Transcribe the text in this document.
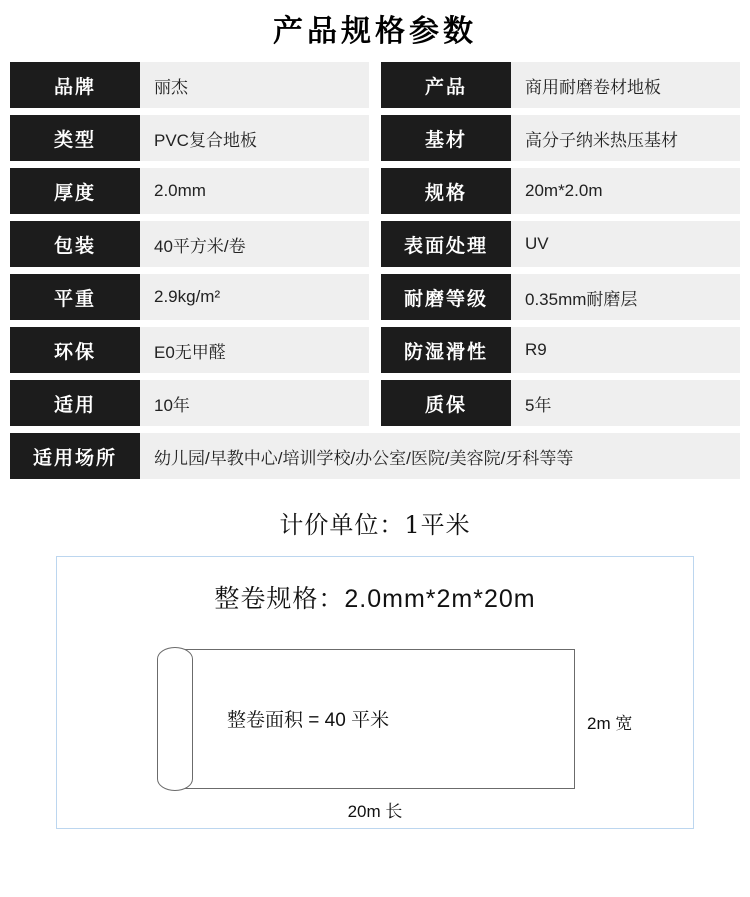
产品规格参数
品牌	丽杰	产品	商用耐磨卷材地板
类型	PVC复合地板	基材	高分子纳米热压基材
厚度	2.0mm	规格	20m*2.0m
包装	40平方米/卷	表面处理	UV
平重	2.9kg/m²	耐磨等级	0.35mm耐磨层
环保	E0无甲醛	防湿滑性	R9
适用	10年	质保	5年
适用场所	幼儿园/早教中心/培训学校/办公室/医院/美容院/牙科等等
计价单位：1平米
整卷规格：2.0mm*2m*20m
整卷面积 = 40 平米	2m 宽
20m 长
